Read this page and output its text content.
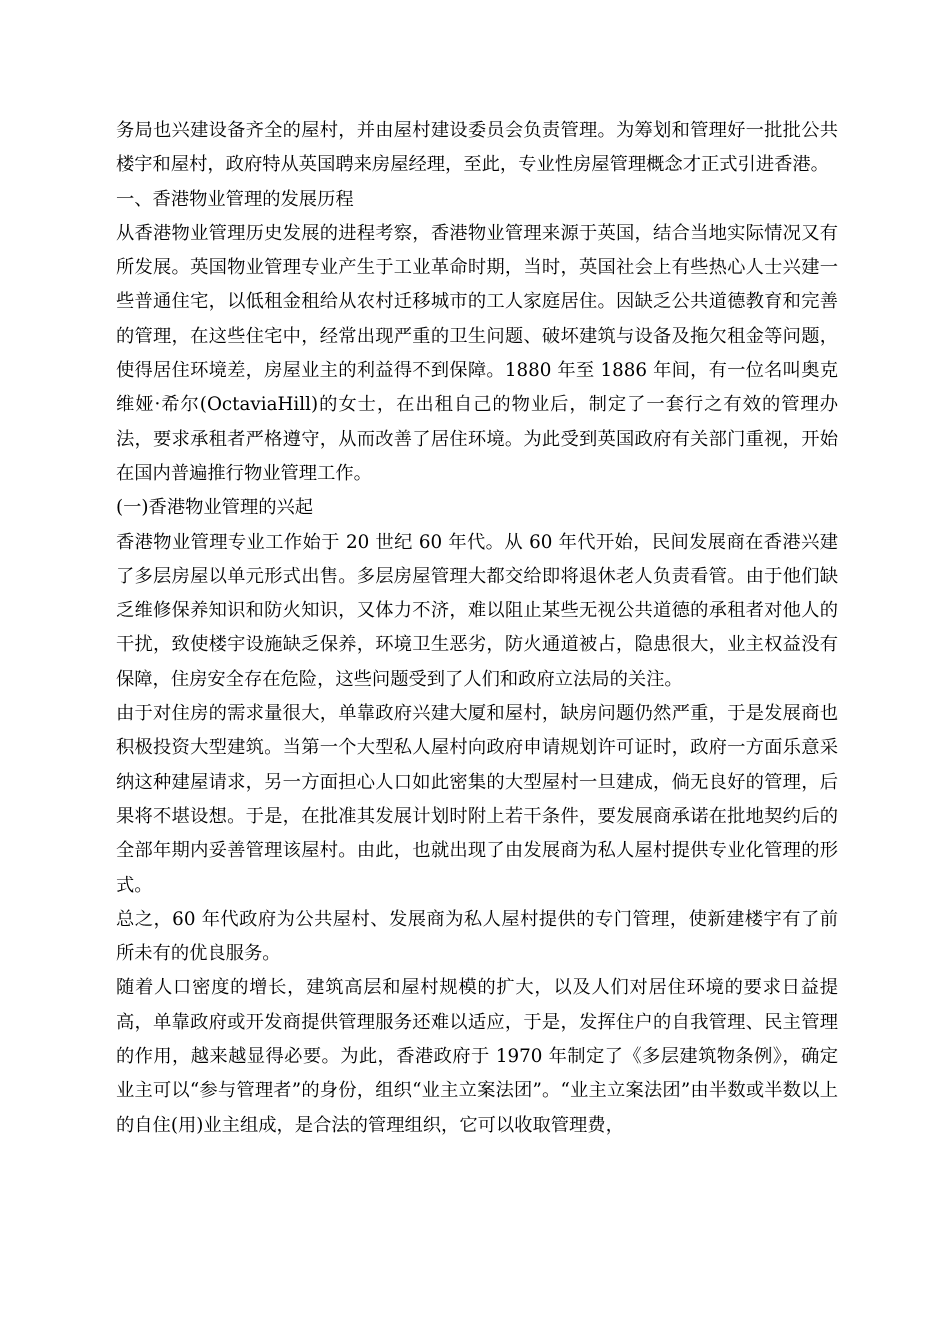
务局也兴建设备齐全的屋村，并由屋村建设委员会负责管理。为筹划和管理好一批批公共楼宇和屋村，政府特从英国聘来房屋经理，至此，专业性房屋管理概念才正式引进香港。

一、香港物业管理的发展历程

从香港物业管理历史发展的进程考察，香港物业管理来源于英国，结合当地实际情况又有所发展。英国物业管理专业产生于工业革命时期，当时，英国社会上有些热心人士兴建一些普通住宅，以低租金租给从农村迁移城市的工人家庭居住。因缺乏公共道德教育和完善的管理，在这些住宅中，经常出现严重的卫生问题、破坏建筑与设备及拖欠租金等问题，使得居住环境差，房屋业主的利益得不到保障。1880 年至 1886 年间，有一位名叫奥克维娅·希尔(OctaviaHill)的女士，在出租自己的物业后，制定了一套行之有效的管理办法，要求承租者严格遵守，从而改善了居住环境。为此受到英国政府有关部门重视，开始在国内普遍推行物业管理工作。

(一)香港物业管理的兴起

香港物业管理专业工作始于 20 世纪 60 年代。从 60 年代开始，民间发展商在香港兴建了多层房屋以单元形式出售。多层房屋管理大都交给即将退休老人负责看管。由于他们缺乏维修保养知识和防火知识，又体力不济，难以阻止某些无视公共道德的承租者对他人的干扰，致使楼宇设施缺乏保养，环境卫生恶劣，防火通道被占，隐患很大，业主权益没有保障，住房安全存在危险，这些问题受到了人们和政府立法局的关注。

由于对住房的需求量很大，单靠政府兴建大厦和屋村，缺房问题仍然严重，于是发展商也积极投资大型建筑。当第一个大型私人屋村向政府申请规划许可证时，政府一方面乐意采纳这种建屋请求，另一方面担心人口如此密集的大型屋村一旦建成，倘无良好的管理，后果将不堪设想。于是，在批准其发展计划时附上若干条件，要发展商承诺在批地契约后的全部年期内妥善管理该屋村。由此，也就出现了由发展商为私人屋村提供专业化管理的形式。

总之，60 年代政府为公共屋村、发展商为私人屋村提供的专门管理，使新建楼宇有了前所未有的优良服务。

随着人口密度的增长，建筑高层和屋村规模的扩大，以及人们对居住环境的要求日益提高，单靠政府或开发商提供管理服务还难以适应，于是，发挥住户的自我管理、民主管理的作用，越来越显得必要。为此，香港政府于 1970 年制定了《多层建筑物条例》，确定业主可以“参与管理者”的身份，组织“业主立案法团”。“业主立案法团”由半数或半数以上的自住(用)业主组成，是合法的管理组织，它可以收取管理费，
